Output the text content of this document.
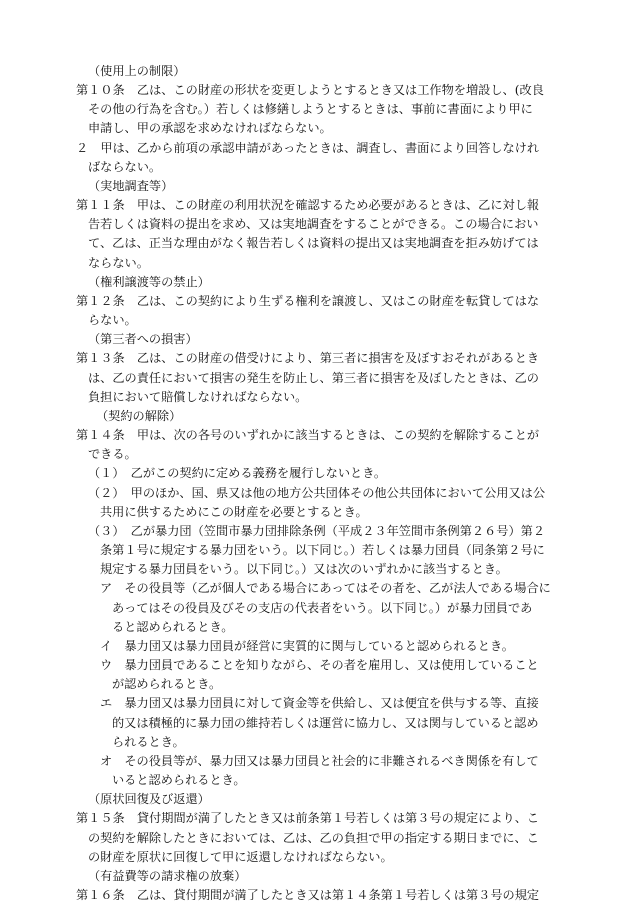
（使用上の制限）
第１０条　乙は、この財産の形状を変更しようとするとき又は工作物を増設し、(改良
その他の行為を含む。）若しくは修繕しようとするときは、事前に書面により甲に
申請し、甲の承認を求めなければならない。
２　甲は、乙から前項の承認申請があったときは、調査し、書面により回答しなけれ
ばならない。
（実地調査等）
第１１条　甲は、この財産の利用状況を確認するため必要があるときは、乙に対し報
告若しくは資料の提出を求め、又は実地調査をすることができる。この場合におい
て、乙は、正当な理由がなく報告若しくは資料の提出又は実地調査を拒み妨げては
ならない。
（権利譲渡等の禁止）
第１２条　乙は、この契約により生ずる権利を譲渡し、又はこの財産を転貸してはな
らない。
（第三者への損害）
第１３条　乙は、この財産の借受けにより、第三者に損害を及ぼすおそれがあるとき
は、乙の責任において損害の発生を防止し、第三者に損害を及ぼしたときは、乙の
負担において賠償しなければならない。
（契約の解除）
第１４条　甲は、次の各号のいずれかに該当するときは、この契約を解除することが
できる。
（１）　乙がこの契約に定める義務を履行しないとき。
（２）　甲のほか、国、県又は他の地方公共団体その他公共団体において公用又は公
共用に供するためにこの財産を必要とするとき。
（３）　乙が暴力団（笠間市暴力団排除条例（平成２３年笠間市条例第２６号）第２
条第１号に規定する暴力団をいう。以下同じ。）若しくは暴力団員（同条第２号に
規定する暴力団員をいう。以下同じ。）又は次のいずれかに該当するとき。
ア　その役員等（乙が個人である場合にあってはその者を、乙が法人である場合に
あってはその役員及びその支店の代表者をいう。以下同じ。）が暴力団員であ
ると認められるとき。
イ　暴力団又は暴力団員が経営に実質的に関与していると認められるとき。
ウ　暴力団員であることを知りながら、その者を雇用し、又は使用していること
が認められるとき。
エ　暴力団又は暴力団員に対して資金等を供給し、又は便宜を供与する等、直接
的又は積極的に暴力団の維持若しくは運営に協力し、又は関与していると認め
られるとき。
オ　その役員等が、暴力団又は暴力団員と社会的に非難されるべき関係を有して
いると認められるとき。
（原状回復及び返還）
第１５条　貸付期間が満了したとき又は前条第１号若しくは第３号の規定により、こ
の契約を解除したときにおいては、乙は、乙の負担で甲の指定する期日までに、こ
の財産を原状に回復して甲に返還しなければならない。
（有益費等の請求権の放棄）
第１６条　乙は、貸付期間が満了したとき又は第１４条第１号若しくは第３号の規定
